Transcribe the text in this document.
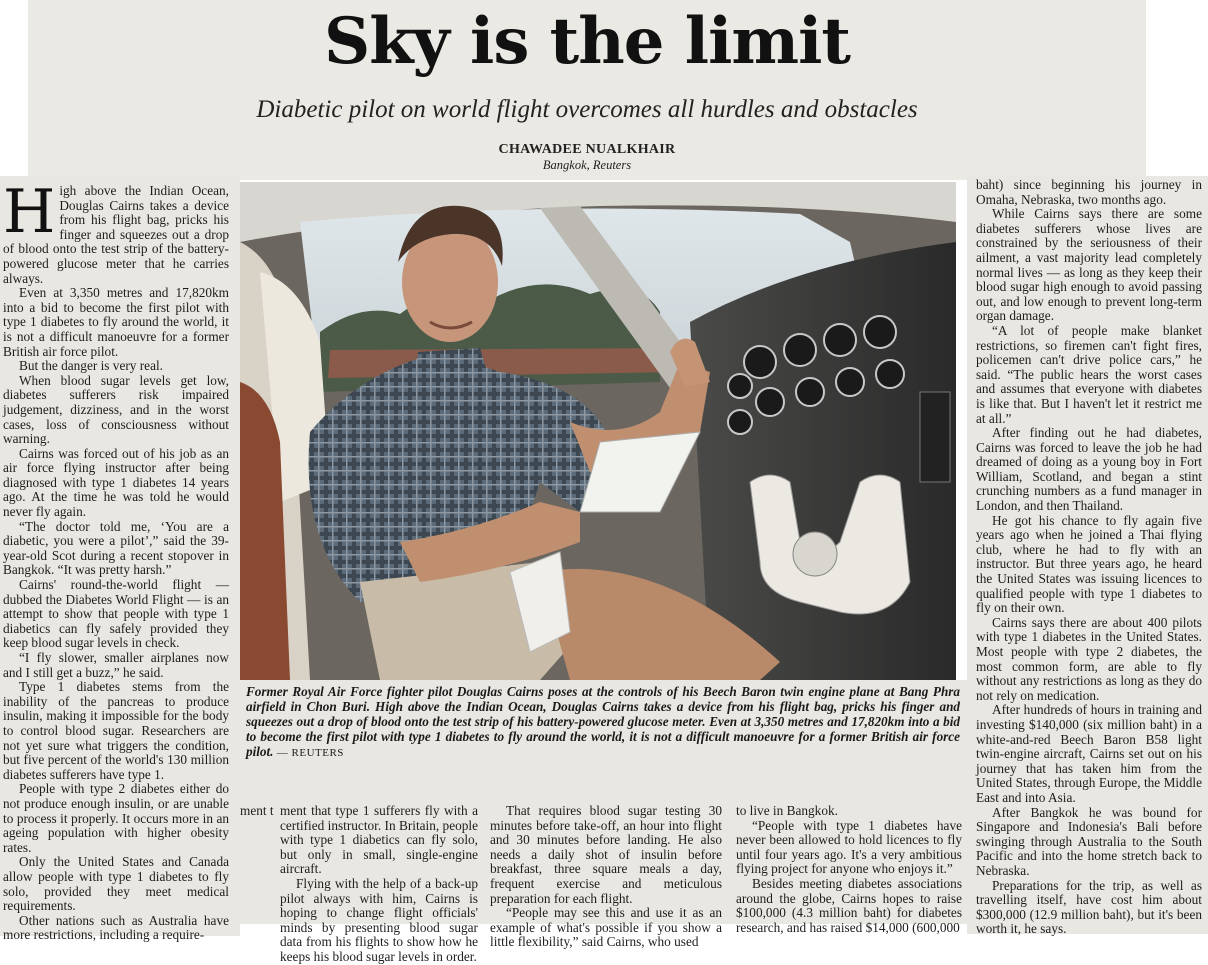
Sky is the limit
Diabetic pilot on world flight overcomes all hurdles and obstacles
CHAWADEE NUALKHAIR
Bangkok, Reuters

High above the Indian Ocean, Douglas Cairns takes a device from his flight bag, pricks his finger and squeezes out a drop of blood onto the test strip of the battery-powered glucose meter that he carries always.

Even at 3,350 metres and 17,820km into a bid to become the first pilot with type 1 diabetes to fly around the world, it is not a difficult manoeuvre for a former British air force pilot.

But the danger is very real.

When blood sugar levels get low, diabetes sufferers risk impaired judgement, dizziness, and in the worst cases, loss of consciousness without warning.

Cairns was forced out of his job as an air force flying instructor after being diagnosed with type 1 diabetes 14 years ago. At the time he was told he would never fly again.

“The doctor told me, ‘You are a diabetic, you were a pilot’,” said the 39-year-old Scot during a recent stopover in Bangkok. “It was pretty harsh.”

Cairns' round-the-world flight — dubbed the Diabetes World Flight — is an attempt to show that people with type 1 diabetics can fly safely provided they keep blood sugar levels in check.

“I fly slower, smaller airplanes now and I still get a buzz,” he said.

Type 1 diabetes stems from the inability of the pancreas to produce insulin, making it impossible for the body to control blood sugar. Researchers are not yet sure what triggers the condition, but five percent of the world's 130 million diabetes sufferers have type 1.

People with type 2 diabetes either do not produce enough insulin, or are unable to process it properly. It occurs more in an ageing population with higher obesity rates.

Only the United States and Canada allow people with type 1 diabetes to fly solo, provided they meet medical requirements.

Other nations such as Australia have more restrictions, including a require-

Former Royal Air Force fighter pilot Douglas Cairns poses at the controls of his Beech Baron twin engine plane at Bang Phra airfield in Chon Buri. High above the Indian Ocean, Douglas Cairns takes a device from his flight bag, pricks his finger and squeezes out a drop of blood onto the test strip of his battery-powered glucose meter. Even at 3,350 metres and 17,820km into a bid to become the first pilot with type 1 diabetes to fly around the world, it is not a difficult manoeuvre for a former British air force pilot. — REUTERS

ment t ment that type 1 sufferers fly with a certified instructor. In Britain, people with type 1 diabetics can fly solo, but only in small, single-engine aircraft.

Flying with the help of a back-up pilot always with him, Cairns is hoping to change flight officials' minds by presenting blood sugar data from his flights to show how he keeps his blood sugar levels in order.

That requires blood sugar testing 30 minutes before take-off, an hour into flight and 30 minutes before landing. He also needs a daily shot of insulin before breakfast, three square meals a day, frequent exercise and meticulous preparation for each flight.

“People may see this and use it as an example of what's possible if you show a little flexibility,” said Cairns, who used

to live in Bangkok.

“People with type 1 diabetes have never been allowed to hold licences to fly until four years ago. It's a very ambitious flying project for anyone who enjoys it.”

Besides meeting diabetes associations around the globe, Cairns hopes to raise $100,000 (4.3 million baht) for diabetes research, and has raised $14,000 (600,000

baht) since beginning his journey in Omaha, Nebraska, two months ago.

While Cairns says there are some diabetes sufferers whose lives are constrained by the seriousness of their ailment, a vast majority lead completely normal lives — as long as they keep their blood sugar high enough to avoid passing out, and low enough to prevent long-term organ damage.

“A lot of people make blanket restrictions, so firemen can't fight fires, policemen can't drive police cars,” he said. “The public hears the worst cases and assumes that everyone with diabetes is like that. But I haven't let it restrict me at all.”

After finding out he had diabetes, Cairns was forced to leave the job he had dreamed of doing as a young boy in Fort William, Scotland, and began a stint crunching numbers as a fund manager in London, and then Thailand.

He got his chance to fly again five years ago when he joined a Thai flying club, where he had to fly with an instructor. But three years ago, he heard the United States was issuing licences to qualified people with type 1 diabetes to fly on their own.

Cairns says there are about 400 pilots with type 1 diabetes in the United States. Most people with type 2 diabetes, the most common form, are able to fly without any restrictions as long as they do not rely on medication.

After hundreds of hours in training and investing $140,000 (six million baht) in a white-and-red Beech Baron B58 light twin-engine aircraft, Cairns set out on his journey that has taken him from the United States, through Europe, the Middle East and into Asia.

After Bangkok he was bound for Singapore and Indonesia's Bali before swinging through Australia to the South Pacific and into the home stretch back to Nebraska.

Preparations for the trip, as well as travelling itself, have cost him about $300,000 (12.9 million baht), but it's been worth it, he says.
